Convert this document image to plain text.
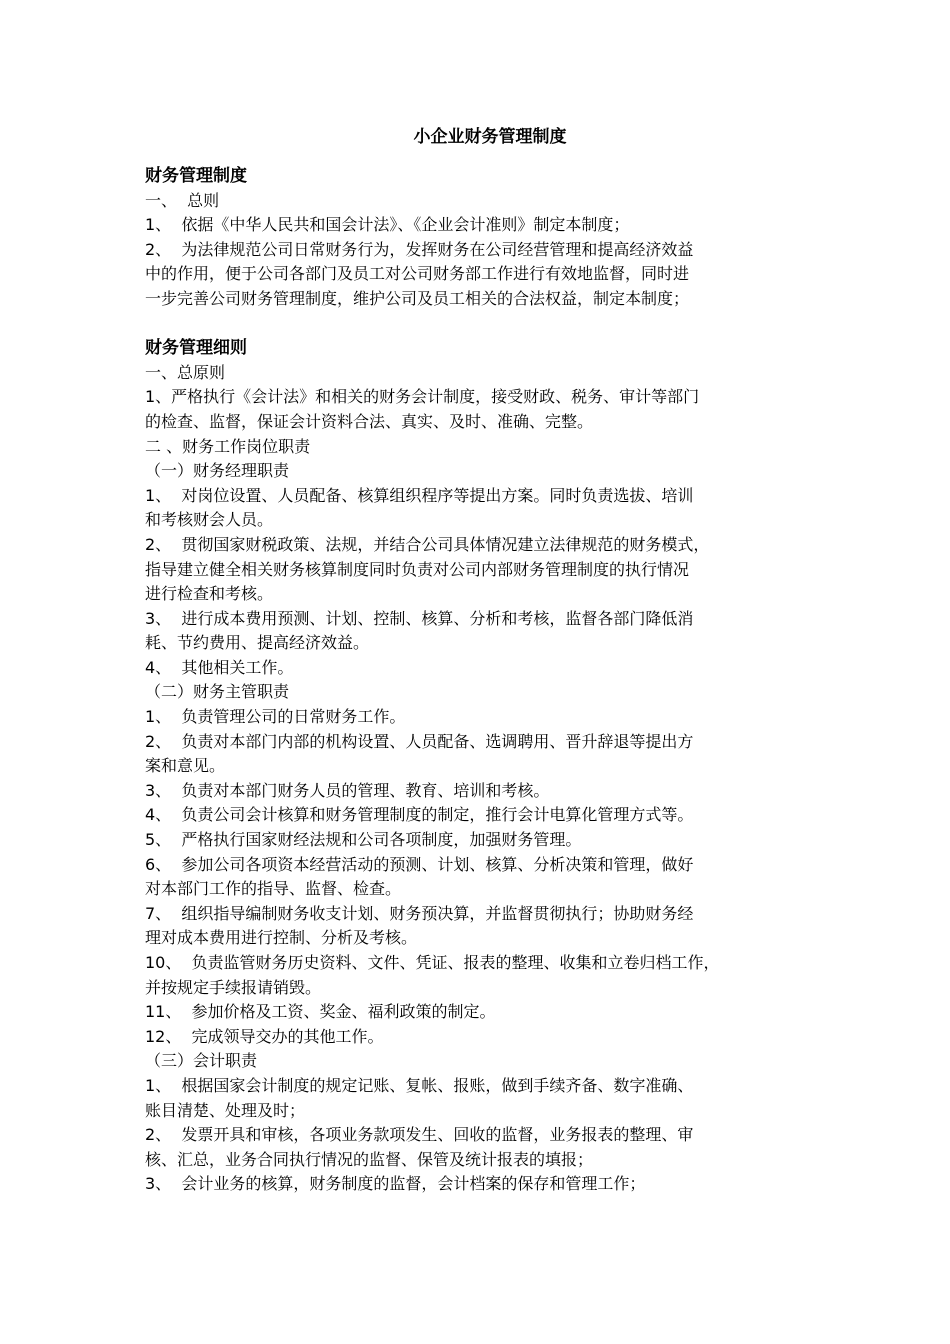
小企业财务管理制度
财务管理制度
一、  总则
1、  依据《中华人民共和国会计法》、《企业会计准则》制定本制度；
2、  为法律规范公司日常财务行为，发挥财务在公司经营管理和提高经济效益
中的作用，便于公司各部门及员工对公司财务部工作进行有效地监督，同时进
一步完善公司财务管理制度，维护公司及员工相关的合法权益，制定本制度；
财务管理细则
一、总原则
1、严格执行《会计法》和相关的财务会计制度，接受财政、税务、审计等部门
的检查、监督，保证会计资料合法、真实、及时、准确、完整。
二 、财务工作岗位职责
（一）财务经理职责
1、  对岗位设置、人员配备、核算组织程序等提出方案。同时负责选拔、培训
和考核财会人员。
2、  贯彻国家财税政策、法规，并结合公司具体情况建立法律规范的财务模式，
指导建立健全相关财务核算制度同时负责对公司内部财务管理制度的执行情况
进行检查和考核。
3、  进行成本费用预测、计划、控制、核算、分析和考核，监督各部门降低消
耗、节约费用、提高经济效益。
4、  其他相关工作。
（二）财务主管职责
1、  负责管理公司的日常财务工作。
2、  负责对本部门内部的机构设置、人员配备、选调聘用、晋升辞退等提出方
案和意见。
3、  负责对本部门财务人员的管理、教育、培训和考核。
4、  负责公司会计核算和财务管理制度的制定，推行会计电算化管理方式等。
5、  严格执行国家财经法规和公司各项制度，加强财务管理。
6、  参加公司各项资本经营活动的预测、计划、核算、分析决策和管理，做好
对本部门工作的指导、监督、检查。
7、  组织指导编制财务收支计划、财务预决算，并监督贯彻执行；协助财务经
理对成本费用进行控制、分析及考核。
10、  负责监管财务历史资料、文件、凭证、报表的整理、收集和立卷归档工作，
并按规定手续报请销毁。
11、  参加价格及工资、奖金、福利政策的制定。
12、  完成领导交办的其他工作。
（三）会计职责
1、  根据国家会计制度的规定记账、复帐、报账，做到手续齐备、数字准确、
账目清楚、处理及时；
2、  发票开具和审核，各项业务款项发生、回收的监督，业务报表的整理、审
核、汇总，业务合同执行情况的监督、保管及统计报表的填报；
3、  会计业务的核算，财务制度的监督，会计档案的保存和管理工作；
